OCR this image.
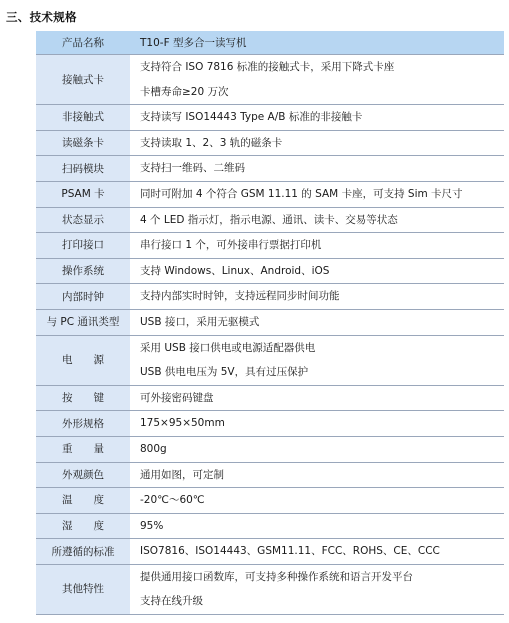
三、技术规格
产品名称	T10-F 型多合一读写机
接触式卡	支持符合 ISO 7816 标准的接触式卡，采用下降式卡座
卡槽寿命≥20 万次

非接触式	支持读写 ISO14443 Type A/B 标准的非接触卡

读磁条卡	支持读取 1、2、3 轨的磁条卡

扫码模块	支持扫一维码、二维码

PSAM 卡	同时可附加 4 个符合 GSM 11.11 的 SAM 卡座，可支持 Sim 卡尺寸

状态显示	4 个 LED 指示灯，指示电源、通讯、读卡、交易等状态

打印接口	串行接口 1 个，可外接串行票据打印机

操作系统	支持 Windows、Linux、Android、iOS

内部时钟	支持内部实时时钟，支持远程同步时间功能

与 PC 通讯类型	USB 接口，采用无驱模式

电　　源	采用 USB 接口供电或电源适配器供电
USB 供电电压为 5V，具有过压保护

按　　键	可外接密码键盘

外形规格	175×95×50mm

重　　量	800g

外观颜色	通用如图，可定制

温　　度	-20℃～60℃

湿　　度	95%

所遵循的标准	ISO7816、ISO14443、GSM11.11、FCC、ROHS、CE、CCC

其他特性	提供通用接口函数库，可支持多种操作系统和语言开发平台
支持在线升级
